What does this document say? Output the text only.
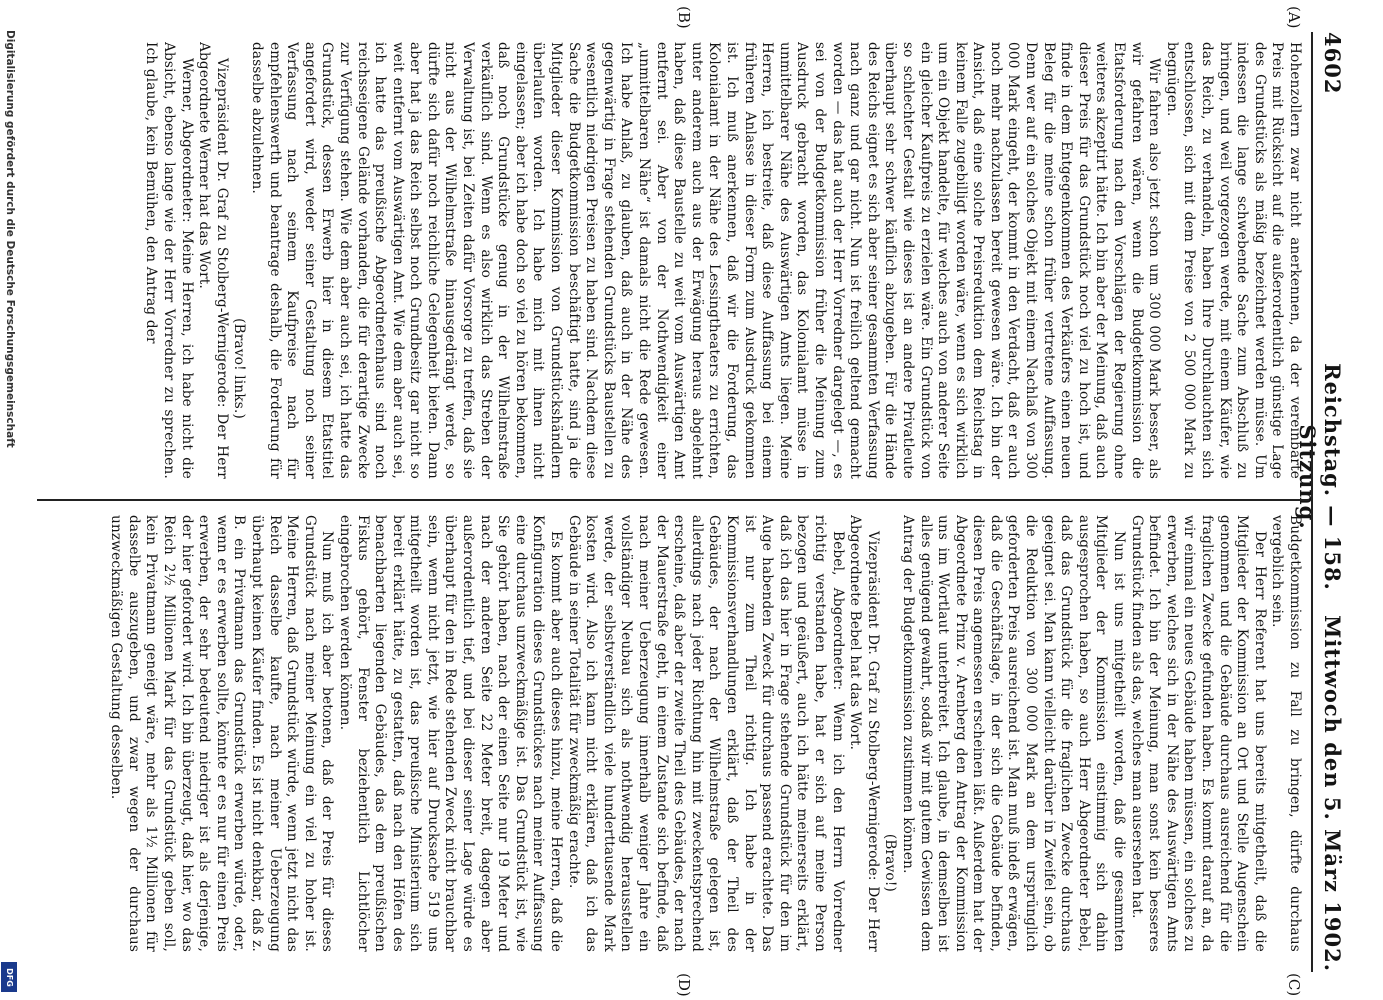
4602
Reichstag. — 158. Sitzung.
Mittwoch den 5. März 1902.
(A)
(B)
(C)
(D)

Hohenzollern zwar nicht anerkennen, da der vereinbarte Preis mit Rücksicht auf die außerordentlich günstige Lage des Grundstücks als mäßig bezeichnet werden müsse. Um indessen die lange schwebende Sache zum Abschluß zu bringen, und weil vorgezogen werde, mit einem Käufer, wie das Reich, zu verhandeln, haben Ihre Durchlauchten sich entschlossen, sich mit dem Preise von 2 500 000 Mark zu begnügen.

Wir fahren also jetzt schon um 300 000 Mark besser, als wir gefahren wären, wenn die Budgetkommission die Etatsforderung nach den Vorschlägen der Regierung ohne weiteres akzeptirt hätte. Ich bin aber der Meinung, daß auch dieser Preis für das Grundstück noch viel zu hoch ist, und finde in dem Entgegenkommen des Verkäufers einen neuen Beleg für die meine schon früher vertretene Auffassung. Denn wer auf ein solches Objekt mit einem Nachlaß von 300 000 Mark eingeht, der kommt in den Verdacht, daß er auch noch mehr nachzulassen bereit gewesen wäre. Ich bin der Ansicht, daß eine solche Preisreduktion dem Reichstag in keinem Falle zugebilligt worden wäre, wenn es sich wirklich um ein Objekt handelte, für welches auch von anderer Seite ein gleicher Kaufpreis zu erzielen wäre. Ein Grundstück von so schlechter Gestalt wie dieses ist an andere Privatleute überhaupt sehr schwer käuflich abzugeben. Für die Hände des Reichs eignet es sich aber seiner gesammten Verfassung nach ganz und gar nicht. Nun ist freilich geltend gemacht worden — das hat auch der Herr Vorredner dargelegt —, es sei von der Budgetkommission früher die Meinung zum Ausdruck gebracht worden, das Kolonialamt müsse in unmittelbarer Nähe des Auswärtigen Amts liegen. Meine Herren, ich bestreite, daß diese Auffassung bei einem früheren Anlasse in dieser Form zum Ausdruck gekommen ist. Ich muß anerkennen, daß wir die Forderung, das Kolonialamt in der Nähe des Lessingtheaters zu errichten, unter anderem auch aus der Erwägung heraus abgelehnt haben, daß diese Baustelle zu weit vom Auswärtigen Amt entfernt sei. Aber von der Nothwendigkeit einer „unmittelbaren Nähe“ ist damals nicht die Rede gewesen. Ich habe Anlaß, zu glauben, daß auch in der Nähe des gegenwärtig in Frage stehenden Grundstücks Baustellen zu wesentlich niedrigen Preisen zu haben sind. Nachdem diese Sache die Budgetkommission beschäftigt hatte, sind ja die Mitglieder dieser Kommission von Grundstückshändlern überlaufen worden. Ich habe mich mit ihnen nicht eingelassen; aber ich habe doch so viel zu hören bekommen, daß noch Grundstücke genug in der Wilhelmstraße verkäuflich sind. Wenn es also wirklich das Streben der Verwaltung ist, bei Zeiten dafür Vorsorge zu treffen, daß sie nicht aus der Wilhelmstraße hinausgedrängt werde, so dürfte sich dafür noch reichliche Gelegenheit bieten. Dann aber hat ja das Reich selbst noch Grundbesitz gar nicht so weit entfernt vom Auswärtigen Amt. Wie dem aber auch sei, ich hatte das preußische Abgeordnetenhaus sind noch reichsseigene Gelände vorhanden, die für derartige Zwecke zur Verfügung stehen. Wie dem aber auch sei, ich hatte das Grundstück, dessen Erwerb hier in diesem Etatstitel angefordert wird, weder seiner Gestaltung noch seiner Verfassung nach seinem Kaufpreise nach für empfehlenswerth und beantrage deshalb, die Forderung für dasselbe abzulehnen.

(Bravo! links.)

Vizepräsident Dr. Graf zu Stolberg-Wernigerode: Der Herr Abgeordnete Werner hat das Wort.

Werner, Abgeordneter: Meine Herren, ich habe nicht die Absicht, ebenso lange wie der Herr Vorredner zu sprechen. Ich glaube, kein Bemühen, den Antrag der

Budgetkommission zu Fall zu bringen, dürfte durchaus vergeblich sein.

Der Herr Referent hat uns bereits mitgetheilt, daß die Mitglieder der Kommission an Ort und Stelle Augenschein genommen und die Gebäude durchaus ausreichend für die fraglichen Zwecke gefunden haben. Es kommt darauf an, da wir einmal ein neues Gebäude haben müssen, ein solches zu erwerben, welches sich in der Nähe des Auswärtigen Amts befindet. Ich bin der Meinung, man sonst kein besseres Grundstück finden als das, welches man ausersehen hat.

Nun ist uns mitgetheilt worden, daß die gesammten Mitglieder der Kommission einstimmig sich dahin ausgesprochen haben, so auch Herr Abgeordneter Bebel, daß das Grundstück für die fraglichen Zwecke durchaus geeignet sei. Man kann vielleicht darüber in Zweifel sein, ob die Reduktion von 300 000 Mark an dem ursprünglich geforderten Preis ausreichend ist. Man muß indeß erwägen, daß die Geschäftslage, in der sich die Gebäude befinden, diesen Preis angemessen erscheinen läßt. Außerdem hat der Abgeordnete Prinz v. Arenberg den Antrag der Kommission uns im Wortlaut unterbreitet. Ich glaube, in demselben ist alles genügend gewahrt, sodaß wir mit gutem Gewissen dem Antrag der Budgetkommission zustimmen können.

(Bravo!)

Vizepräsident Dr. Graf zu Stolberg-Wernigerode: Der Herr Abgeordnete Bebel hat das Wort.

Bebel, Abgeordneter: Wenn ich den Herrn Vorredner richtig verstanden habe, hat er sich auf meine Person bezogen und geäußert, auch ich hätte meinerseits erklärt, daß ich das hier in Frage stehende Grundstück für den im Auge habenden Zweck für durchaus passend erachtete. Das ist nur zum Theil richtig. Ich habe in der Kommissionsverhandlungen erklärt, daß der Theil des Gebäudes, der nach der Wilhelmstraße gelegen ist, allerdings nach jeder Richtung hin mit zweckentsprechend erscheine, daß aber der zweite Theil des Gebäudes, der nach der Mauerstraße geht, in einem Zustande sich befinde, daß nach meiner Ueberzeugung innerhalb weniger Jahre ein vollständiger Neubau sich als nothwendig herausstellen werde, der selbstverständlich viele hunderttausende Mark kosten wird. Also ich kann nicht erklären, daß ich das Gebäude in seiner Totalität für zweckmäßig erachte.

Es kommt aber auch dieses hinzu, meine Herren, daß die Konfiguration dieses Grundstückes nach meiner Auffassung eine durchaus unzweckmäßige ist. Das Grundstück ist, wie Sie gehört haben, nach der einen Seite nur 19 Meter und nach der anderen Seite 22 Meter breit, dagegen aber außerordentlich tief, und bei dieser seiner Lage würde es überhaupt für den in Rede stehenden Zweck nicht brauchbar sein, wenn nicht jetzt, wie hier auf Drucksache 519 uns mitgetheilt worden ist, das preußische Ministerium sich bereit erklärt hätte, zu gestatten, daß nach den Höfen des benachbarten liegenden Gebäudes, das dem preußischen Fiskus gehört, Fenster beziehentlich Lichtlöcher eingebrochen werden können.

Nun muß ich aber betonen, daß der Preis für dieses Grundstück nach meiner Meinung ein viel zu hoher ist. Meine Herren, daß Grundstück würde, wenn jetzt nicht das Reich dasselbe kaufte, nach meiner Ueberzeugung überhaupt keinen Käufer finden. Es ist nicht denkbar, daß z. B. ein Privatmann das Grundstück erwerben würde, oder, wenn er es erwerben sollte, könnte er es nur für einen Preis erwerben, der sehr bedeutend niedriger ist als derjenige, der hier gefordert wird. Ich bin überzeugt, daß hier, wo das Reich 2½ Millionen Mark für das Grundstück geben soll, kein Privatmann geneigt wäre, mehr als 1½ Millionen für dasselbe auszugeben, und zwar wegen der durchaus unzweckmäßigen Gestaltung desselben.

Digitalisierung gefördert durch die Deutsche Forschungsgemeinschaft
DFG
